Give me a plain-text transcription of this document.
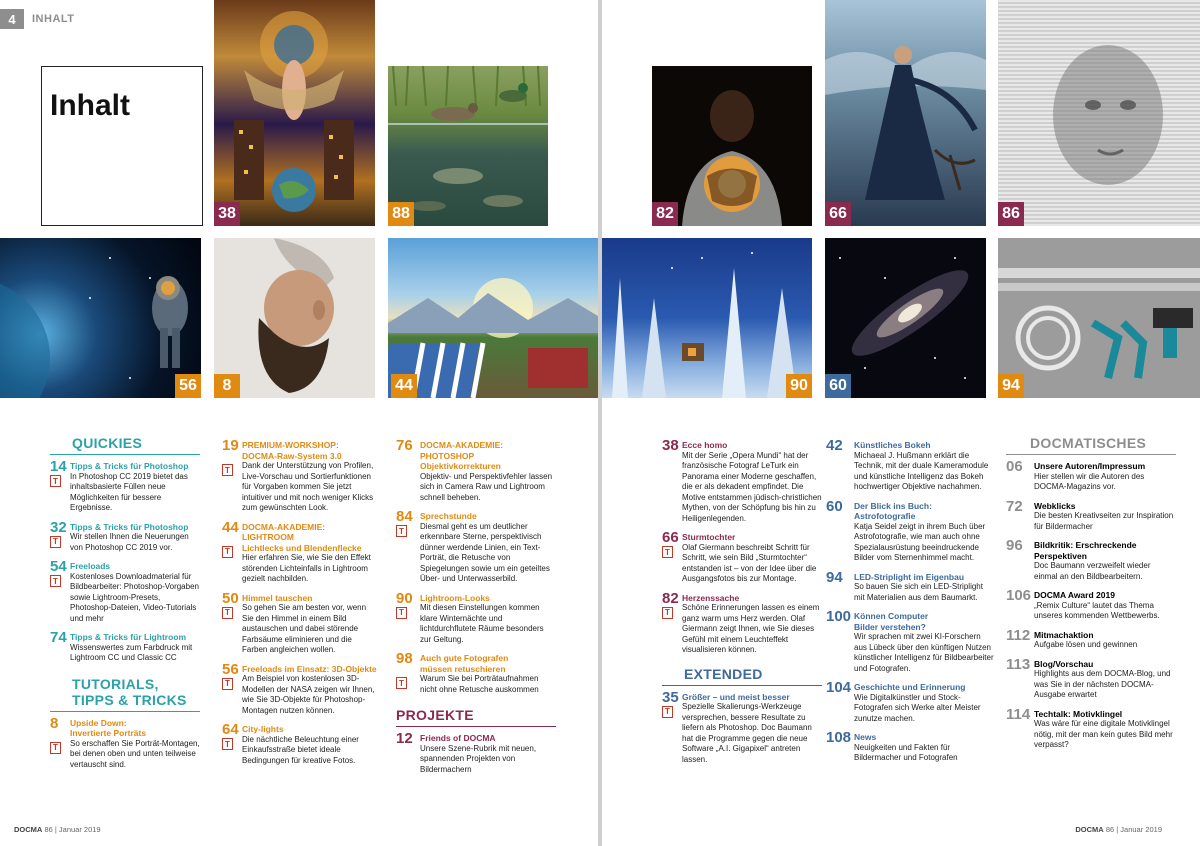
4	INHALT
Inhalt
38	88
56	8	44
QUICKIES
14 Tipps & Tricks für Photoshop
T
In Photoshop CC 2019 bietet das inhaltsbasierte Füllen neue Möglichkeiten für bessere Ergebnisse.
32 Tipps & Tricks für Photoshop
T
Wir stellen Ihnen die Neuerungen von Photoshop CC 2019 vor.
54 Freeloads
T
Kostenloses Downloadmaterial für Bildbearbeiter: Photoshop-Vorgaben sowie Lightroom-Presets, Photoshop-Dateien, Video-Tutorials und mehr
74 Tipps & Tricks für Lightroom
Wissenswertes zum Farbdruck mit Lightroom CC und Classic CC
TUTORIALS,
TIPPS & TRICKS
8 Upside Down:
Invertierte Porträts
T	So erschaffen Sie Porträt-Montagen, bei denen oben und unten teilweise vertauscht sind.
19 PREMIUM-WORKSHOP:
DOCMA-Raw-System 3.0
T	Dank der Unterstützung von Profilen, Live-Vorschau und Sortierfunktionen für Vorgaben kommen Sie jetzt intuitiver und mit noch weniger Klicks zum gewünschten Look.
44 DOCMA-AKADEMIE: LIGHTROOM
Lichtlecks und Blendenflecke
T
Hier erfahren Sie, wie Sie den Effekt störenden Lichteinfalls in Lightroom gezielt nachbilden.
50 Himmel tauschen
T
So gehen Sie am besten vor, wenn Sie den Himmel in einem Bild austauschen und dabei störende Farbsäume eliminieren und die Farben angleichen wollen.
56 Freeloads im Einsatz: 3D-Objekte
T
Am Beispiel von kostenlosen 3D-Modellen der NASA zeigen wir Ihnen, wie Sie 3D-Objekte für Photoshop-Montagen nutzen können.
64 City-lights
T
Die nächtliche Beleuchtung einer Einkaufsstraße bietet ideale Bedingungen für kreative Fotos.
76 DOCMA-AKADEMIE: PHOTOSHOP
Objektivkorrekturen
Objektiv- und Perspektivfehler lassen sich in Camera Raw und Lightroom schnell beheben.
84 Sprechstunde
T
Diesmal geht es um deutlicher erkennbare Sterne, perspektivisch dünner werdende Linien, ein Text-Porträt, die Retusche von Spiegelungen sowie um ein geteiltes Über- und Unterwasserbild.
90 Lightroom-Looks
T
Mit diesen Einstellungen kommen klare Winternächte und lichtdurchflutete Räume besonders zur Geltung.
98 Auch gute Fotografen
müssen retuschieren
T	Warum Sie bei Porträtaufnahmen nicht ohne Retusche auskommen
PROJEKTE
12 Friends of DOCMA
Unsere Szene-Rubrik mit neuen, spannenden Projekten von Bildermachern
DOCMA 86 | Januar 2019
82	66	86
90 60	94
38 Ecce homo
Mit der Serie „Opera Mundi“ hat der französische Fotograf LeTurk ein Panorama einer Moderne geschaffen, die er als dekadent empfindet. Die Motive entstammen jüdisch-christlichen Mythen, von der Schöpfung bis hin zu Heiligenlegenden.
66 Sturmtochter
T
Olaf Giermann beschreibt Schritt für Schritt, wie sein Bild „Sturmtochter“ entstanden ist – von der Idee über die Ausgangsfotos bis zur Montage.
82 Herzenssache
T
Schöne Erinnerungen lassen es einem ganz warm ums Herz werden. Olaf Giermann zeigt Ihnen, wie Sie dieses Gefühl mit einem Leuchteffekt visualisieren können.
EXTENDED
35 Größer – und meist besser
T
Spezielle Skalierungs-Werkzeuge versprechen, bessere Resultate zu liefern als Photoshop. Doc Baumann hat die Programme gegen die neue Software „A.I. Gigapixel“ antreten lassen.
42 Künstliches Bokeh
Michaeal J. Hußmann erklärt die Technik, mit der duale Kameramodule und künstliche Intelligenz das Bokeh hochwertiger Objektive nachahmen.
60 Der Blick ins Buch: Astrofotografie
Katja Seidel zeigt in ihrem Buch über Astrofotografie, wie man auch ohne Spezialausrüstung beeindruckende Bilder vom Sternenhimmel macht.
94 LED-Striplight im Eigenbau
So bauen Sie sich ein LED-Striplight mit Materialien aus dem Baumarkt.
100 Können Computer
Bilder verstehen?
Wir sprachen mit zwei KI-Forschern aus Lübeck über den künftigen Nutzen künstlicher Intelligenz für Bildbearbeiter und Fotografen.
104 Geschichte und Erinnerung
Wie Digitalkünstler und Stock-Fotografen sich Werke alter Meister zunutze machen.
108 News
Neuigkeiten und Fakten für Bildermacher und Fotografen
DOCMATISCHES
06 Unsere Autoren/Impressum
Hier stellen wir die Autoren des DOCMA-Magazins vor.
72 Webklicks
Die besten Kreativseiten zur Inspiration für Bildermacher
96 Bildkritik: Erschreckende
Perspektiven
Doc Baumann verzweifelt wieder einmal an den Bildbearbeitern.
106 DOCMA Award 2019
„Remix Culture“ lautet das Thema unseres kommenden Wettbewerbs.
112 Mitmachaktion
Aufgabe lösen und gewinnen
113 Blog/Vorschau
Highlights aus dem DOCMA-Blog, und was Sie in der nächsten DOCMA-Ausgabe erwartet
114 Techtalk: Motivklingel
Was wäre für eine digitale Motivklingel nötig, mit der man kein gutes Bild mehr verpasst?
DOCMA 86 | Januar 2019
